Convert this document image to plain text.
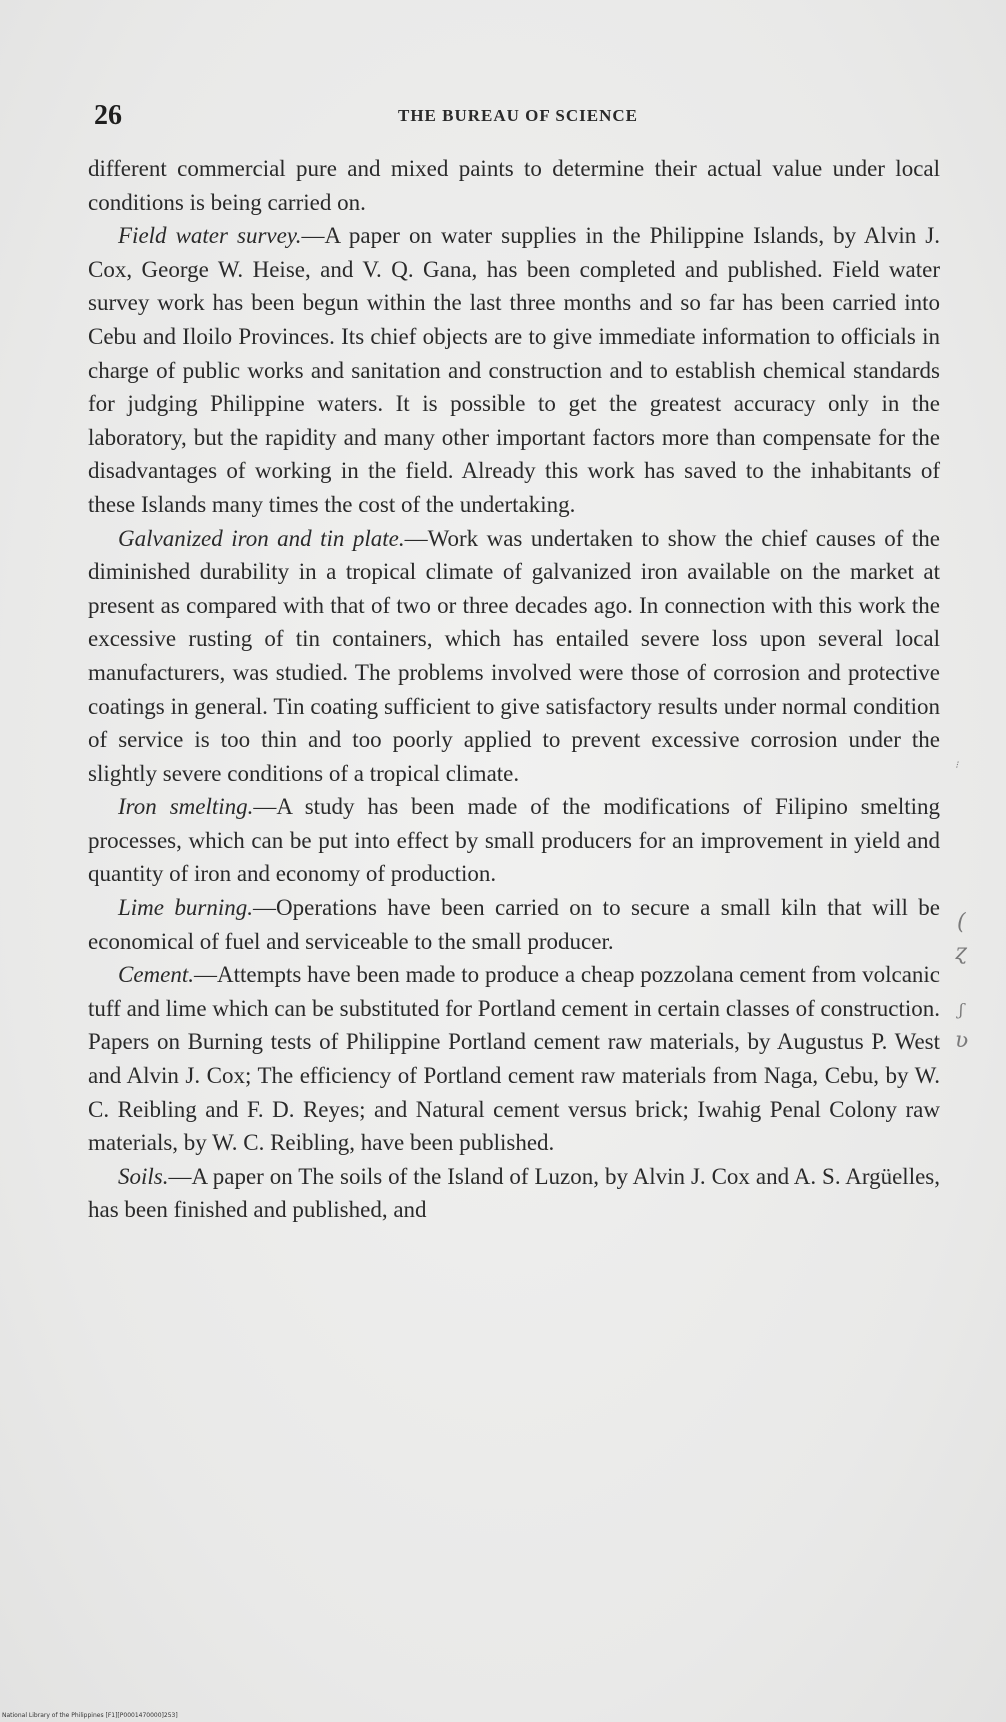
26	THE BUREAU OF SCIENCE

different commercial pure and mixed paints to determine their actual value under local conditions is being carried on.

Field water survey.—A paper on water supplies in the Philippine Islands, by Alvin J. Cox, George W. Heise, and V. Q. Gana, has been completed and published. Field water survey work has been begun within the last three months and so far has been carried into Cebu and Iloilo Provinces. Its chief objects are to give immediate information to officials in charge of public works and sanitation and construction and to establish chemical standards for judging Philippine waters. It is possible to get the greatest accuracy only in the laboratory, but the rapidity and many other important factors more than compensate for the disadvantages of working in the field. Already this work has saved to the inhabitants of these Islands many times the cost of the undertaking.

Galvanized iron and tin plate.—Work was undertaken to show the chief causes of the diminished durability in a tropical climate of galvanized iron available on the market at present as compared with that of two or three decades ago. In connection with this work the excessive rusting of tin containers, which has entailed severe loss upon several local manufacturers, was studied. The problems involved were those of corrosion and protective coatings in general. Tin coating sufficient to give satisfactory results under normal condition of service is too thin and too poorly applied to prevent excessive corrosion under the slightly severe conditions of a tropical climate.

Iron smelting.—A study has been made of the modifications of Filipino smelting processes, which can be put into effect by small producers for an improvement in yield and quantity of iron and economy of production.

Lime burning.—Operations have been carried on to secure a small kiln that will be economical of fuel and serviceable to the small producer.

Cement.—Attempts have been made to produce a cheap pozzolana cement from volcanic tuff and lime which can be substituted for Portland cement in certain classes of construction. Papers on Burning tests of Philippine Portland cement raw materials, by Augustus P. West and Alvin J. Cox; The efficiency of Portland cement raw materials from Naga, Cebu, by W. C. Reibling and F. D. Reyes; and Natural cement versus brick; Iwahig Penal Colony raw materials, by W. C. Reibling, have been published.

Soils.—A paper on The soils of the Island of Luzon, by Alvin J. Cox and A. S. Argüelles, has been finished and published, and

⁝
(
ɀ
ʃ
ʋ
National Library of the Philippines [F1][P0001470000]253]
